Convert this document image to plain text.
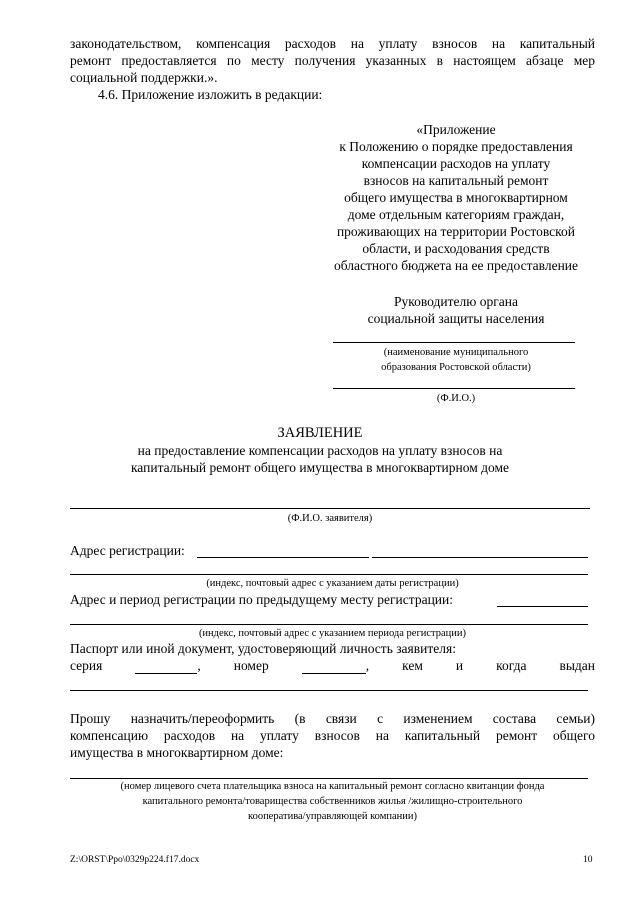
законодательством, компенсация расходов на уплату взносов на капитальный
ремонт предоставляется по месту получения указанных в настоящем абзаце мер
социальной поддержки.».
4.6. Приложение изложить в редакции:
«Приложение
к Положению о порядке предоставления
компенсации расходов на уплату
взносов на капитальный ремонт
общего имущества в многоквартирном
доме отдельным категориям граждан,
проживающих на территории Ростовской
области, и расходования средств
областного бюджета на ее предоставление
Руководителю органа
социальной защиты населения
(наименование муниципального
образования Ростовской области)
(Ф.И.О.)
ЗАЯВЛЕНИЕ
на предоставление компенсации расходов на уплату взносов на
капитальный ремонт общего имущества в многоквартирном доме
(Ф.И.О. заявителя)
Адрес регистрации:
(индекс, почтовый адрес с указанием даты регистрации)
Адрес и период регистрации по предыдущему месту регистрации:
(индекс, почтовый адрес с указанием периода регистрации)
Паспорт или иной документ, удостоверяющий личность заявителя:
серия	, номер	, кем и когда выдан
Прошу назначить/переоформить (в связи с изменением состава семьи)
компенсацию расходов на уплату взносов на капитальный ремонт общего
имущества в многоквартирном доме:
(номер лицевого счета плательщика взноса на капитальный ремонт согласно квитанции фонда
капитального ремонта/товарищества собственников жилья /жилищно-строительного
кооператива/управляющей компании)
Z:\ORST\Ppo\0329p224.f17.docx	10
